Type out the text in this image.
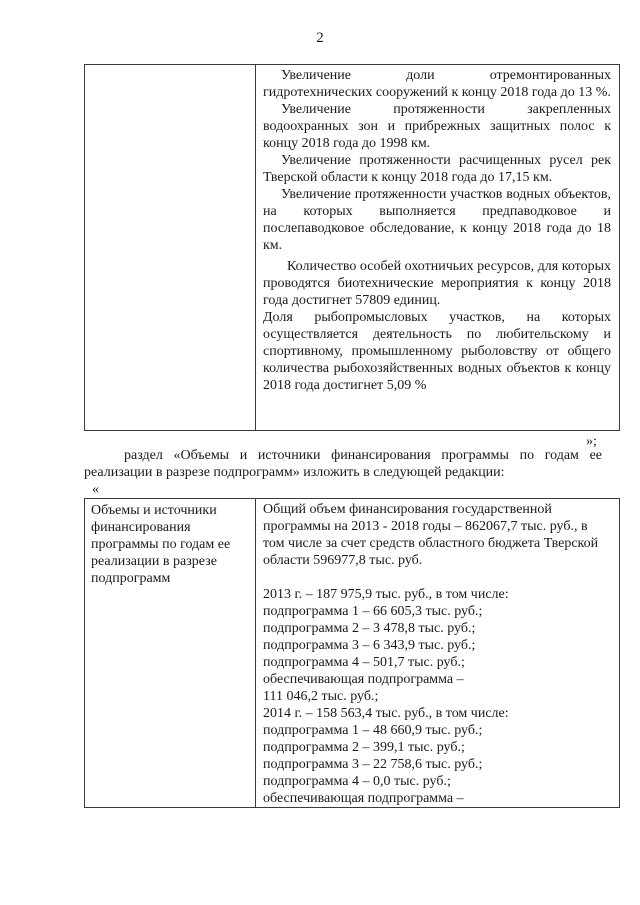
2

Увеличение доли отремонтированных гидротехнических сооружений к концу 2018 года до 13 %.

Увеличение протяженности закрепленных водоохранных зон и прибрежных защитных полос к концу 2018 года до 1998 км.

Увеличение протяженности расчищенных русел рек Тверской области к концу 2018 года до 17,15 км.

Увеличение протяженности участков водных объектов, на которых выполняется предпаводковое и послепаводковое обследование, к концу 2018 года до 18 км.

Количество особей охотничьих ресурсов, для которых проводятся биотехнические мероприятия к концу 2018 года достигнет 57809 единиц.

Доля рыбопромысловых участков, на которых осуществляется деятельность по любительскому и спортивному, промышленному рыболовству от общего количества рыбохозяйственных водных объектов к концу 2018 года достигнет 5,09 %

»;
раздел «Объемы и источники финансирования программы по годам ее реализации в разрезе подпрограмм» изложить в следующей редакции:
«
Объемы и источники финансирования программы по годам ее реализации в разрезе подпрограмм

Общий объем финансирования государственной программы на 2013 - 2018 годы – 862067,7 тыс. руб., в том числе за счет средств областного бюджета Тверской области 596977,8 тыс. руб.

2013 г. – 187 975,9 тыс. руб., в том числе:

подпрограмма 1 – 66 605,3 тыс. руб.;

подпрограмма 2 – 3 478,8 тыс. руб.;

подпрограмма 3 – 6 343,9 тыс. руб.;

подпрограмма 4 – 501,7 тыс. руб.;

обеспечивающая подпрограмма –

111 046,2 тыс. руб.;

2014 г. – 158 563,4 тыс. руб., в том числе:

подпрограмма 1 – 48 660,9 тыс. руб.;

подпрограмма 2 – 399,1 тыс. руб.;

подпрограмма 3 – 22 758,6 тыс. руб.;

подпрограмма 4 – 0,0 тыс. руб.;

обеспечивающая подпрограмма –
